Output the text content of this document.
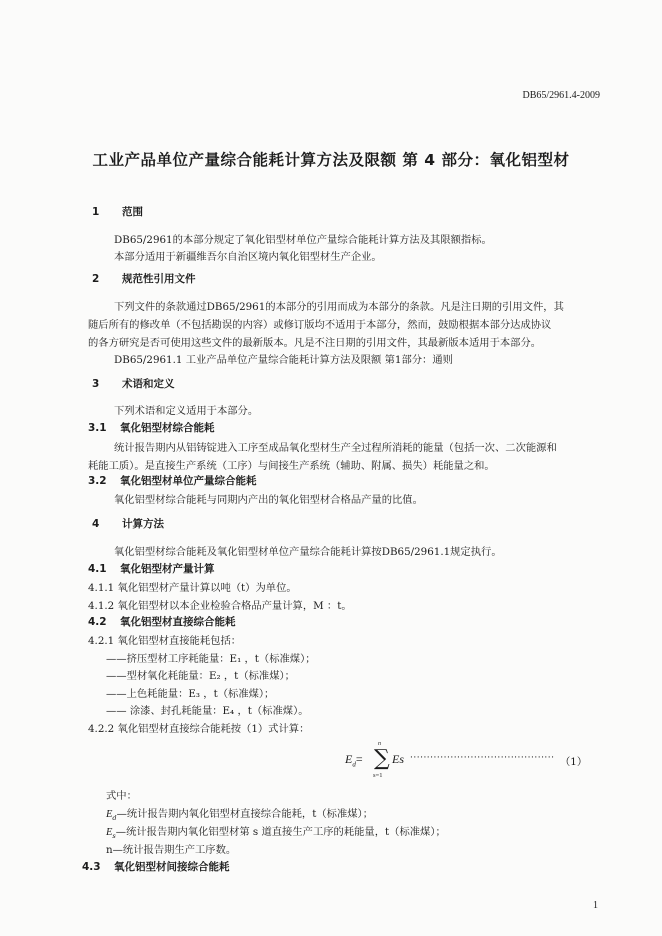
DB65/2961.4-2009
工业产品单位产量综合能耗计算方法及限额 第 4 部分：氧化铝型材
1 范围
DB65/2961的本部分规定了氧化铝型材单位产量综合能耗计算方法及其限额指标。
本部分适用于新疆维吾尔自治区境内氧化铝型材生产企业。
2 规范性引用文件
下列文件的条款通过DB65/2961的本部分的引用而成为本部分的条款。凡是注日期的引用文件，其
随后所有的修改单（不包括勘误的内容）或修订版均不适用于本部分，然而，鼓励根据本部分达成协议
的各方研究是否可使用这些文件的最新版本。凡是不注日期的引用文件，其最新版本适用于本部分。
DB65/2961.1 工业产品单位产量综合能耗计算方法及限额 第1部分：通则
3 术语和定义
下列术语和定义适用于本部分。
3.1 氧化铝型材综合能耗
统计报告期内从铝铸锭进入工序至成品氧化型材生产全过程所消耗的能量（包括一次、二次能源和
耗能工质）。是直接生产系统（工序）与间接生产系统（辅助、附属、损失）耗能量之和。
3.2 氧化铝型材单位产量综合能耗
氧化铝型材综合能耗与同期内产出的氧化铝型材合格品产量的比值。
4 计算方法
氧化铝型材综合能耗及氧化铝型材单位产量综合能耗计算按DB65/2961.1规定执行。
4.1 氧化铝型材产量计算
4.1.1 氧化铝型材产量计算以吨（t）为单位。
4.1.2 氧化铝型材以本企业检验合格品产量计算，M ：t。
4.2 氧化铝型材直接综合能耗
4.2.1 氧化铝型材直接能耗包括：
——挤压型材工序耗能量：E₁ ，t（标准煤）；
——型材氧化耗能量：E₂ ，t（标准煤）；
——上色耗能量：E₃ ，t（标准煤）；
—— 涂漆、封孔耗能量：E₄ ，t（标准煤）。
4.2.2 氧化铝型材直接综合能耗按（1）式计算：
$E_d=$
n
∑
s=1
Es ··········································· （1）
式中：
$E_d—$统计报告期内氧化铝型材直接综合能耗，t（标准煤）；
$E_s—$统计报告期内氧化铝型材第 s 道直接生产工序的耗能量，t（标准煤）；
n—统计报告期生产工序数。
4.3 氧化铝型材间接综合能耗
1
